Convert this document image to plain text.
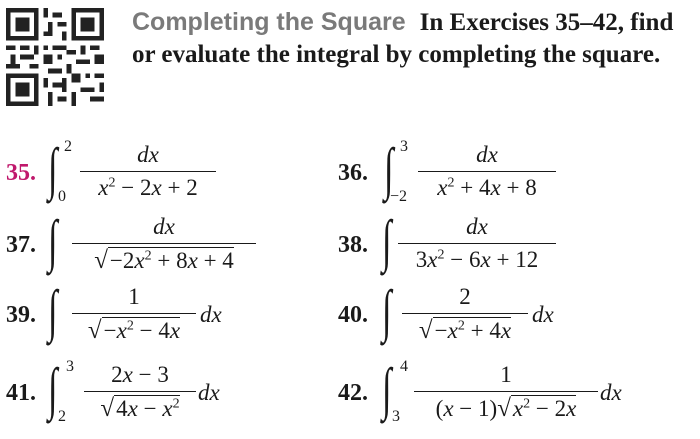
Completing the Square In Exercises 35–42, find or evaluate the integral by completing the square.
35. ∫ 2
0
dx
$x^2 - 2x + 2$
36. ∫ 3
−2
dx
$x^2 + 4x + 8$
37. ∫	dx
$√-2x^2 + 8x + 4$
38. ∫	dx
$3x^2 - 6x + 12$
39. ∫	1
$√-x^2 - 4x$
dx	40. ∫	2
$√-x^2 + 4x$
dx
41. ∫ 3
2
2x − 3
$√4x - x^2$ dx	42. ∫ 4
3
1
$(x - 1)√x^2 - 2x$
dx
